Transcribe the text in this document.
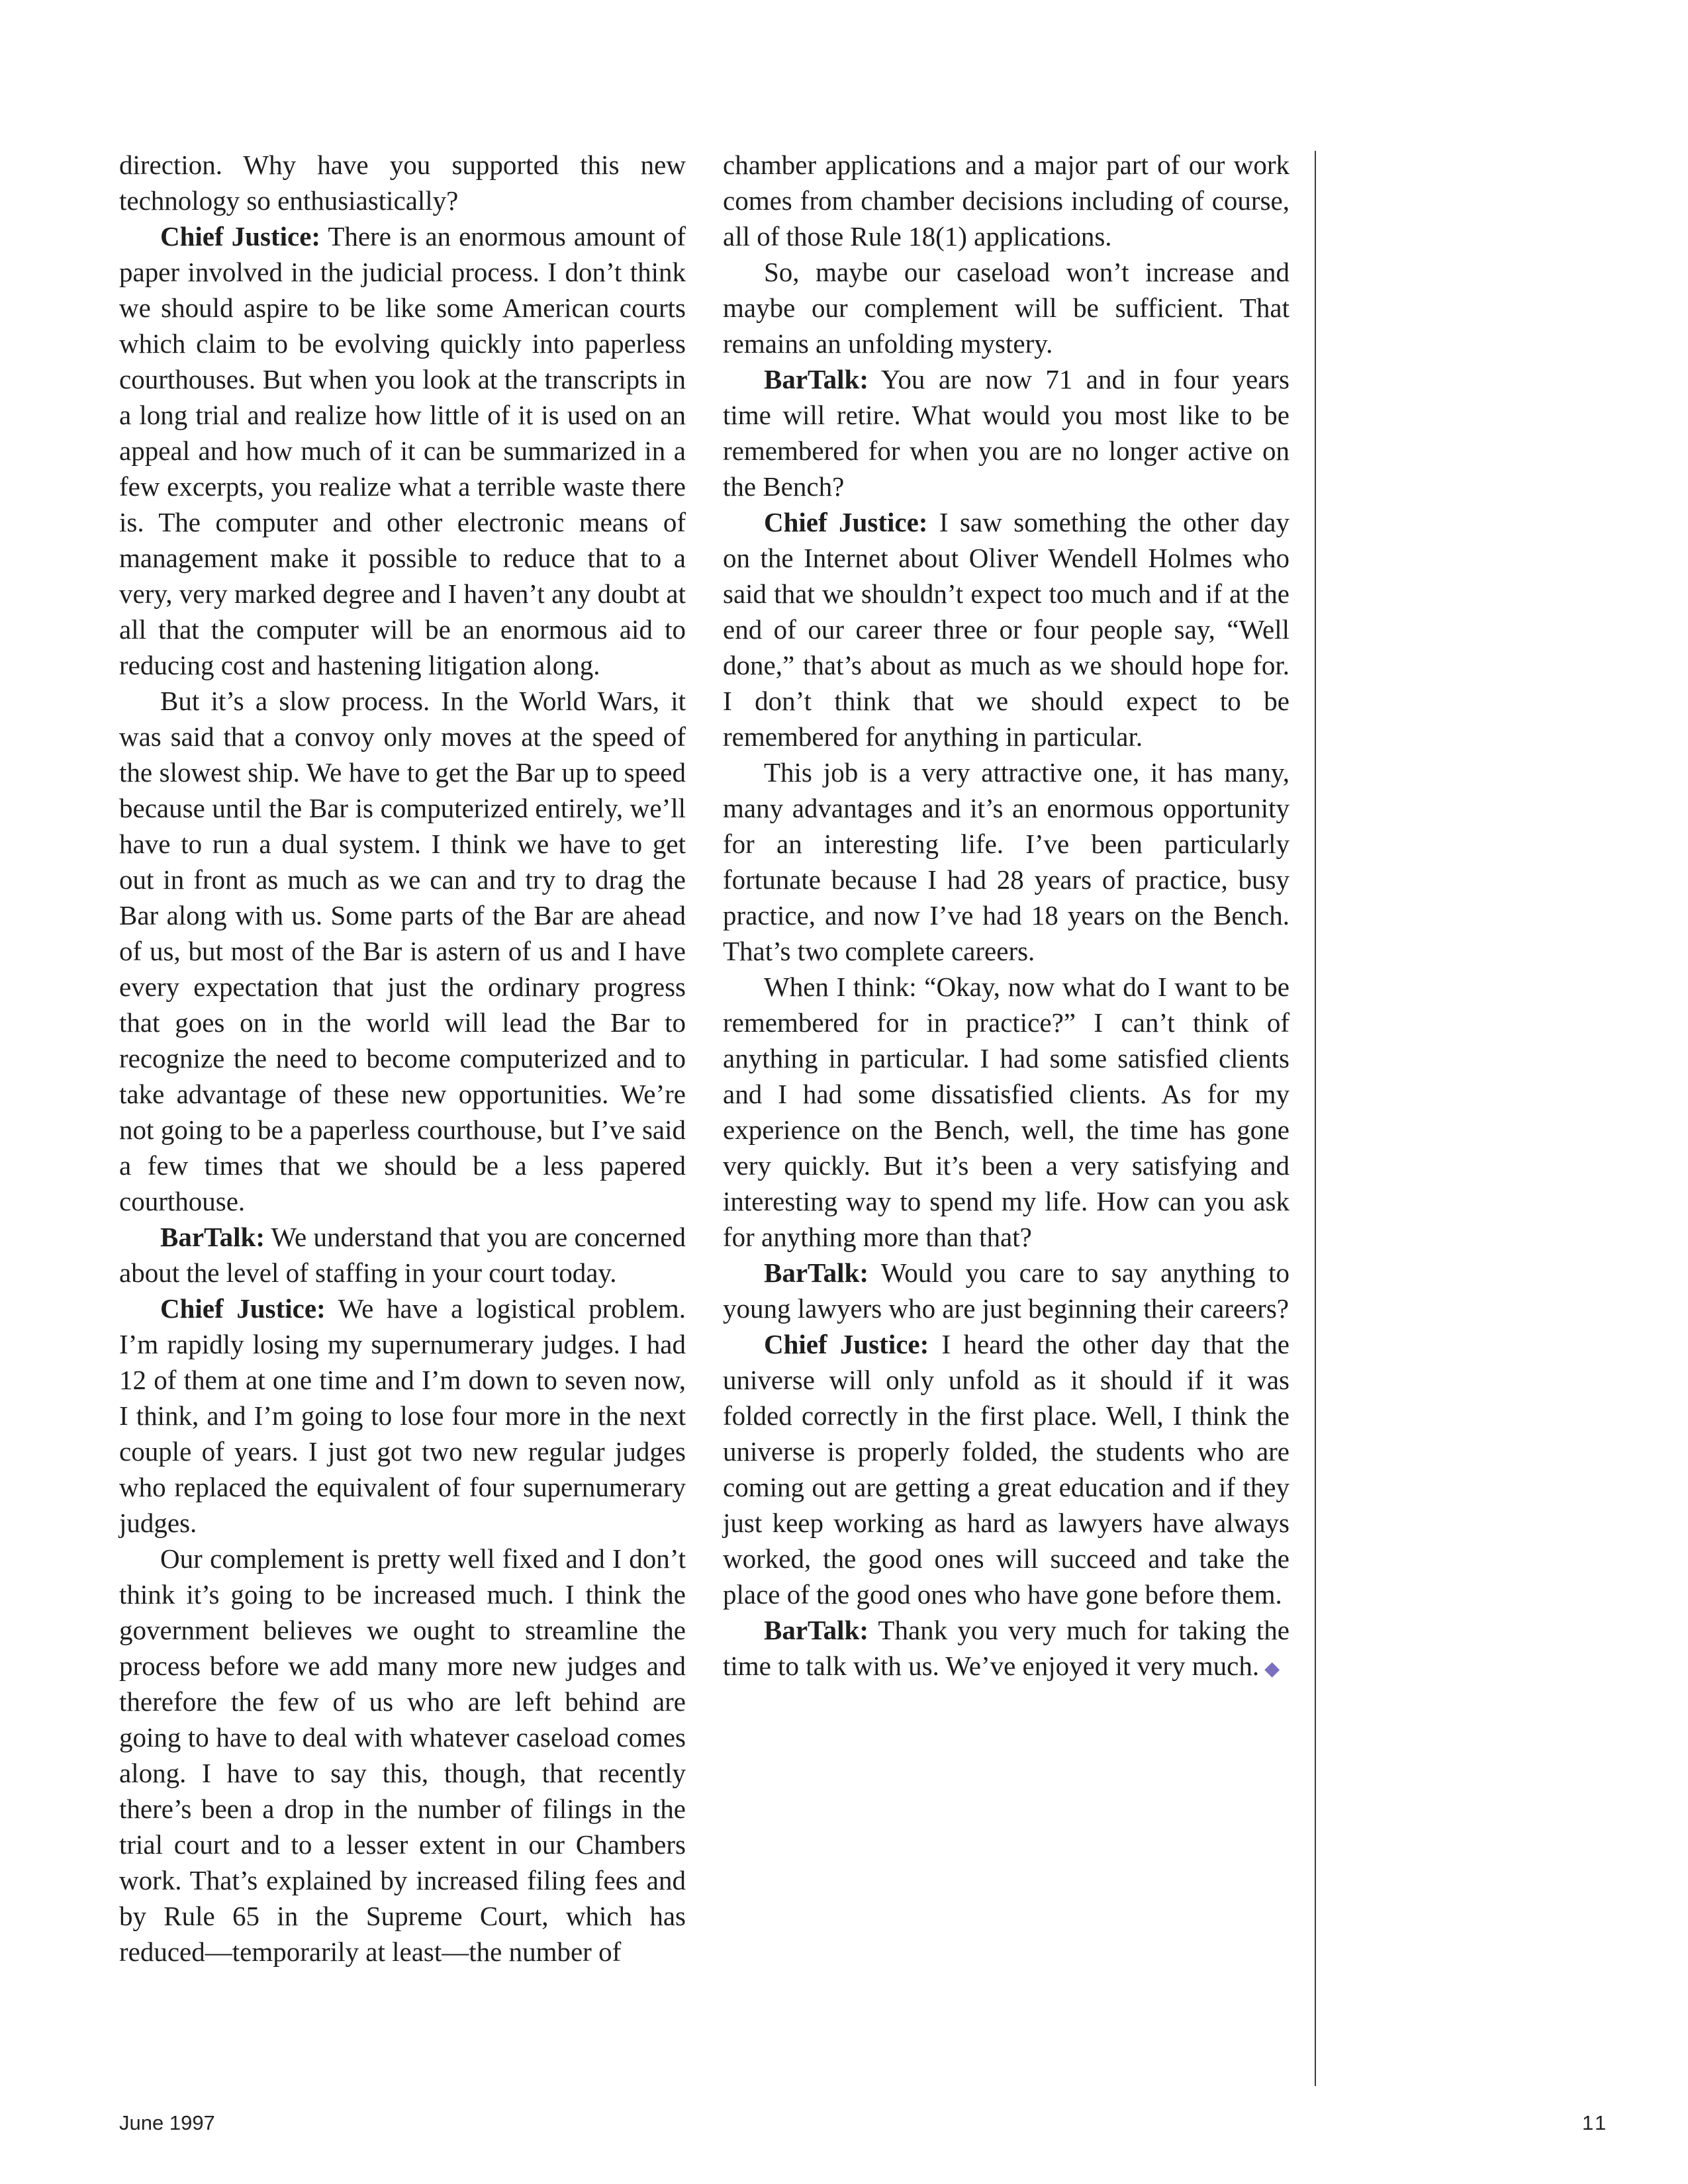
direction. Why have you supported this new technology so enthusiastically?

Chief Justice: There is an enormous amount of paper involved in the judicial process. I don’t think we should aspire to be like some American courts which claim to be evolving quickly into paperless courthouses. But when you look at the transcripts in a long trial and realize how little of it is used on an appeal and how much of it can be summarized in a few excerpts, you realize what a terrible waste there is. The computer and other electronic means of management make it possible to reduce that to a very, very marked degree and I haven’t any doubt at all that the computer will be an enormous aid to reducing cost and hastening litigation along.

But it’s a slow process. In the World Wars, it was said that a convoy only moves at the speed of the slowest ship. We have to get the Bar up to speed because until the Bar is computerized entirely, we’ll have to run a dual system. I think we have to get out in front as much as we can and try to drag the Bar along with us. Some parts of the Bar are ahead of us, but most of the Bar is astern of us and I have every expectation that just the ordinary progress that goes on in the world will lead the Bar to recognize the need to become computerized and to take advantage of these new opportunities. We’re not going to be a paperless courthouse, but I’ve said a few times that we should be a less papered courthouse.

BarTalk: We understand that you are concerned about the level of staffing in your court today.

Chief Justice: We have a logistical problem. I’m rapidly losing my supernumerary judges. I had 12 of them at one time and I’m down to seven now, I think, and I’m going to lose four more in the next couple of years. I just got two new regular judges who replaced the equivalent of four supernumerary judges.

Our complement is pretty well fixed and I don’t think it’s going to be increased much. I think the government believes we ought to streamline the process before we add many more new judges and therefore the few of us who are left behind are going to have to deal with whatever caseload comes along. I have to say this, though, that recently there’s been a drop in the number of filings in the trial court and to a lesser extent in our Chambers work. That’s explained by increased filing fees and by Rule 65 in the Supreme Court, which has reduced—temporarily at least—the number of

chamber applications and a major part of our work comes from chamber decisions including of course, all of those Rule 18(1) applications.

So, maybe our caseload won’t increase and maybe our complement will be sufficient. That remains an unfolding mystery.

BarTalk: You are now 71 and in four years time will retire. What would you most like to be remembered for when you are no longer active on the Bench?

Chief Justice: I saw something the other day on the Internet about Oliver Wendell Holmes who said that we shouldn’t expect too much and if at the end of our career three or four people say, “Well done,” that’s about as much as we should hope for. I don’t think that we should expect to be remembered for anything in particular.

This job is a very attractive one, it has many, many advantages and it’s an enormous opportunity for an interesting life. I’ve been particularly fortunate because I had 28 years of practice, busy practice, and now I’ve had 18 years on the Bench. That’s two complete careers.

When I think: “Okay, now what do I want to be remembered for in practice?” I can’t think of anything in particular. I had some satisfied clients and I had some dissatisfied clients. As for my experience on the Bench, well, the time has gone very quickly. But it’s been a very satisfying and interesting way to spend my life. How can you ask for anything more than that?

BarTalk: Would you care to say anything to young lawyers who are just beginning their careers?

Chief Justice: I heard the other day that the universe will only unfold as it should if it was folded correctly in the first place. Well, I think the universe is properly folded, the students who are coming out are getting a great education and if they just keep working as hard as lawyers have always worked, the good ones will succeed and take the place of the good ones who have gone before them.

BarTalk: Thank you very much for taking the time to talk with us. We’ve enjoyed it very much. ◆

June 1997	11
